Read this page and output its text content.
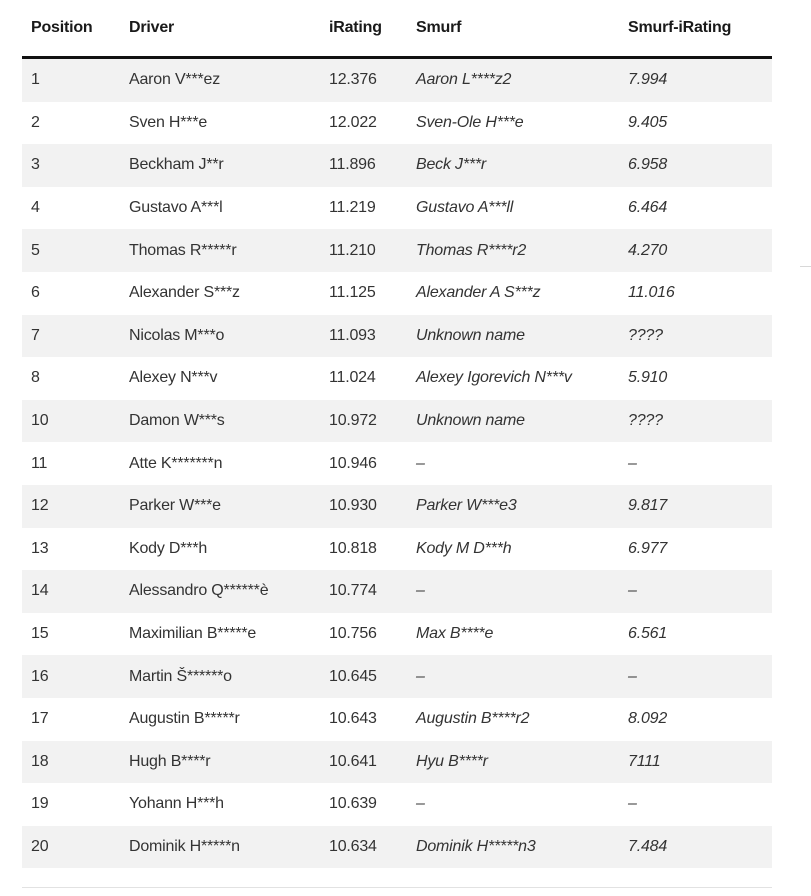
Position	Driver	iRating	Smurf	Smurf-iRating
1	Aaron V***ez	12.376	Aaron L****z2	7.994
2	Sven H***e	12.022	Sven-Ole H***e	9.405
3	Beckham J**r	11.896	Beck J***r	6.958
4	Gustavo A***l	11.219	Gustavo A***ll	6.464
5	Thomas R*****r	11.210	Thomas R****r2	4.270
6	Alexander S***z	11.125	Alexander A S***z	11.016
7	Nicolas M***o	11.093	Unknown name	????
8	Alexey N***v	11.024	Alexey Igorevich N***v	5.910
10	Damon W***s	10.972	Unknown name	????
11	Atte K*******n	10.946	–	–
12	Parker W***e	10.930	Parker W***e3	9.817
13	Kody D***h	10.818	Kody M D***h	6.977
14	Alessandro Q******è	10.774	–	–
15	Maximilian B*****e	10.756	Max B****e	6.561
16	Martin Š******o	10.645	–	–
17	Augustin B*****r	10.643	Augustin B****r2	8.092
18	Hugh B****r	10.641	Hyu B****r	7111
19	Yohann H***h	10.639	–	–
20	Dominik H*****n	10.634	Dominik H*****n3	7.484
